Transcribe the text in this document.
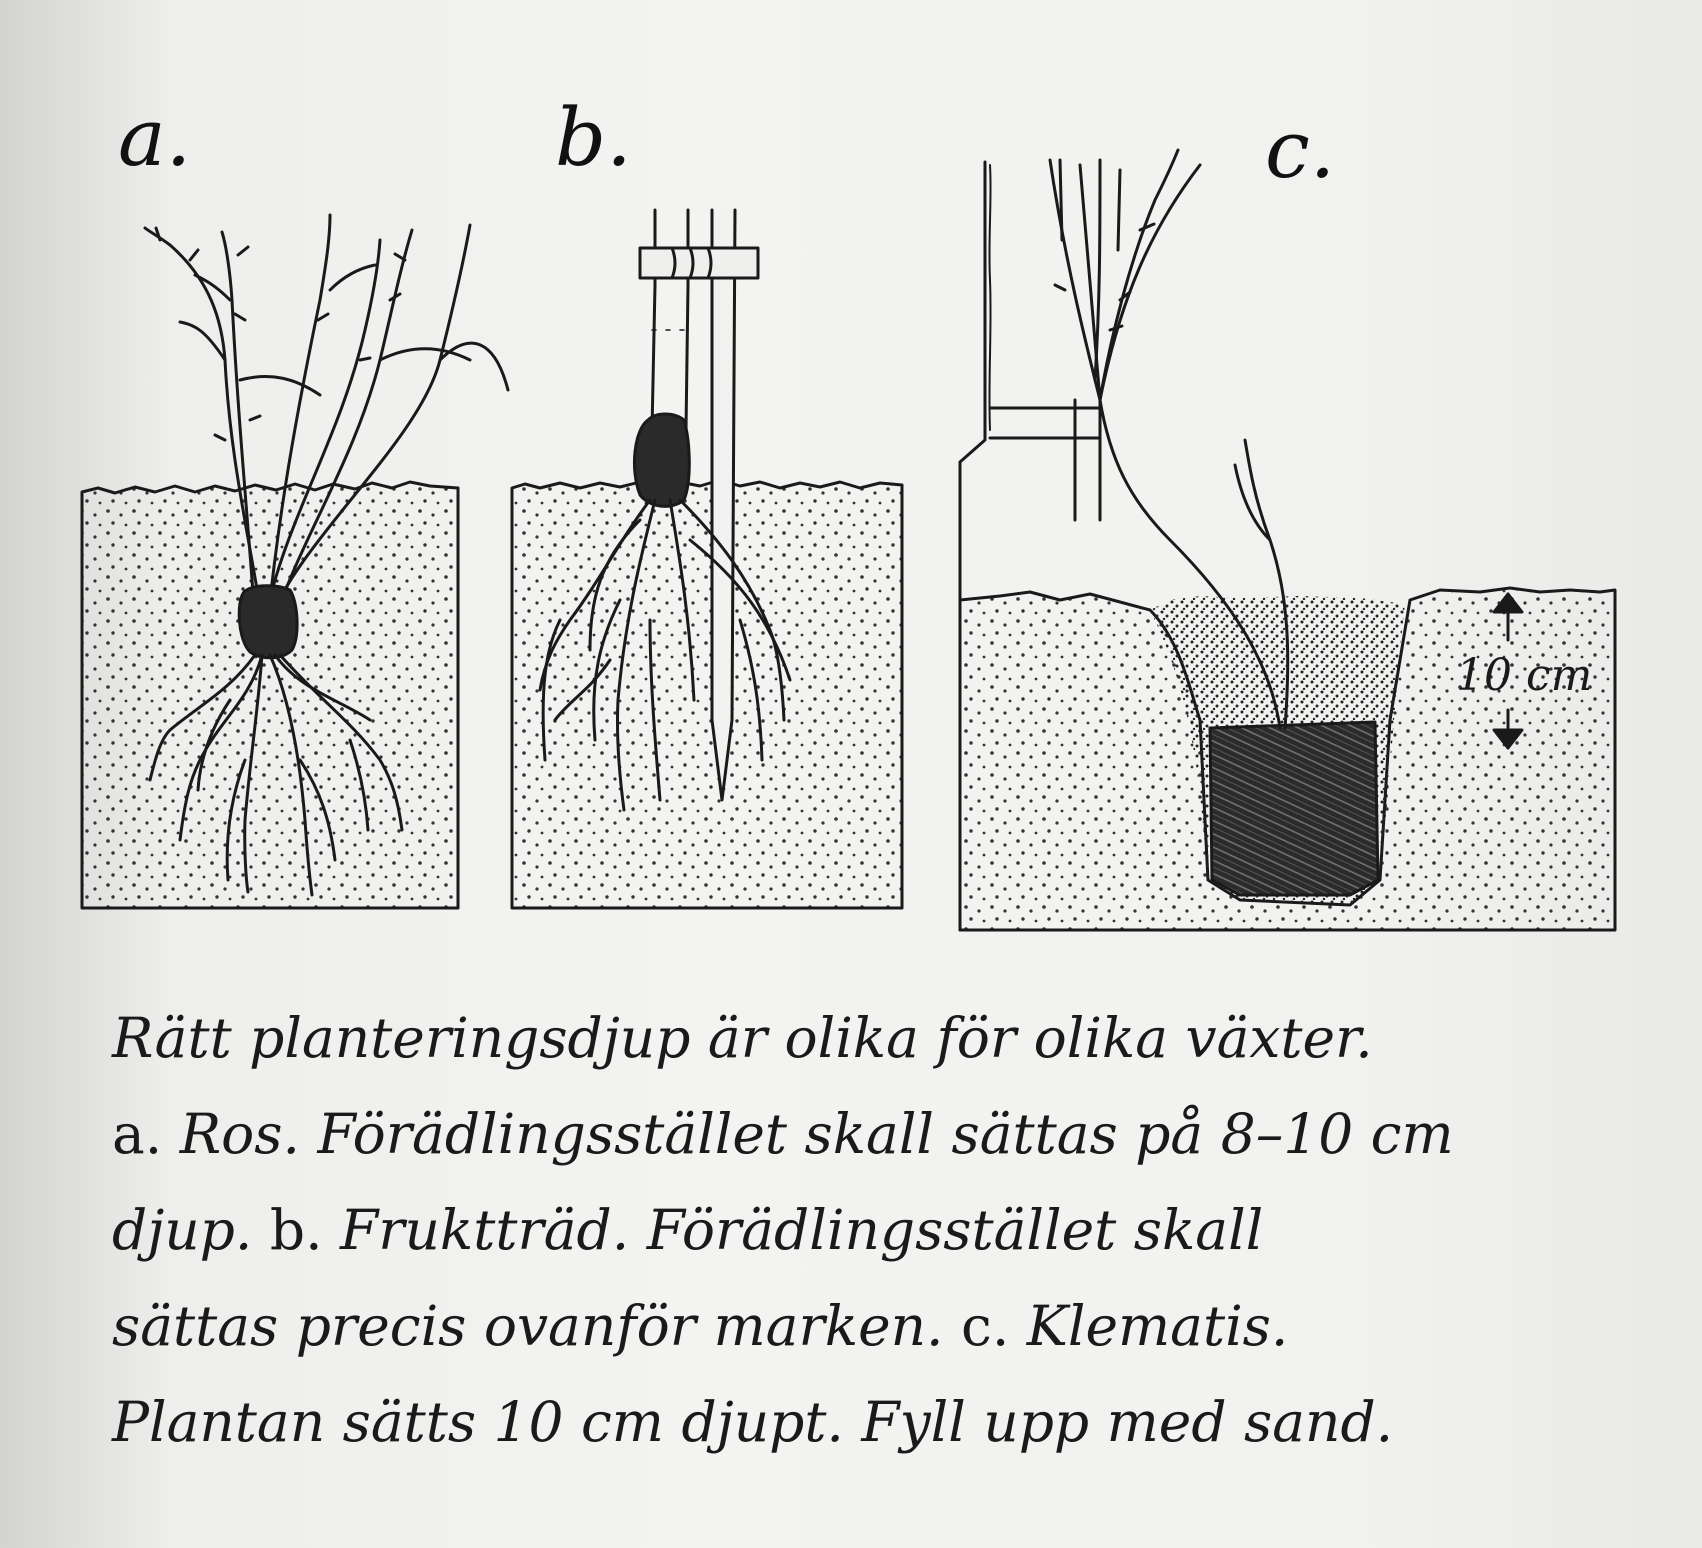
a.	b.	c.
10 cm
Rätt planteringsdjup är olika för olika växter.
a. Ros. Förädlingsstället skall sättas på 8–10 cm
djup. b. Fruktträd. Förädlingsstället skall
sättas precis ovanför marken. c. Klematis.
Plantan sätts 10 cm djupt. Fyll upp med sand.
